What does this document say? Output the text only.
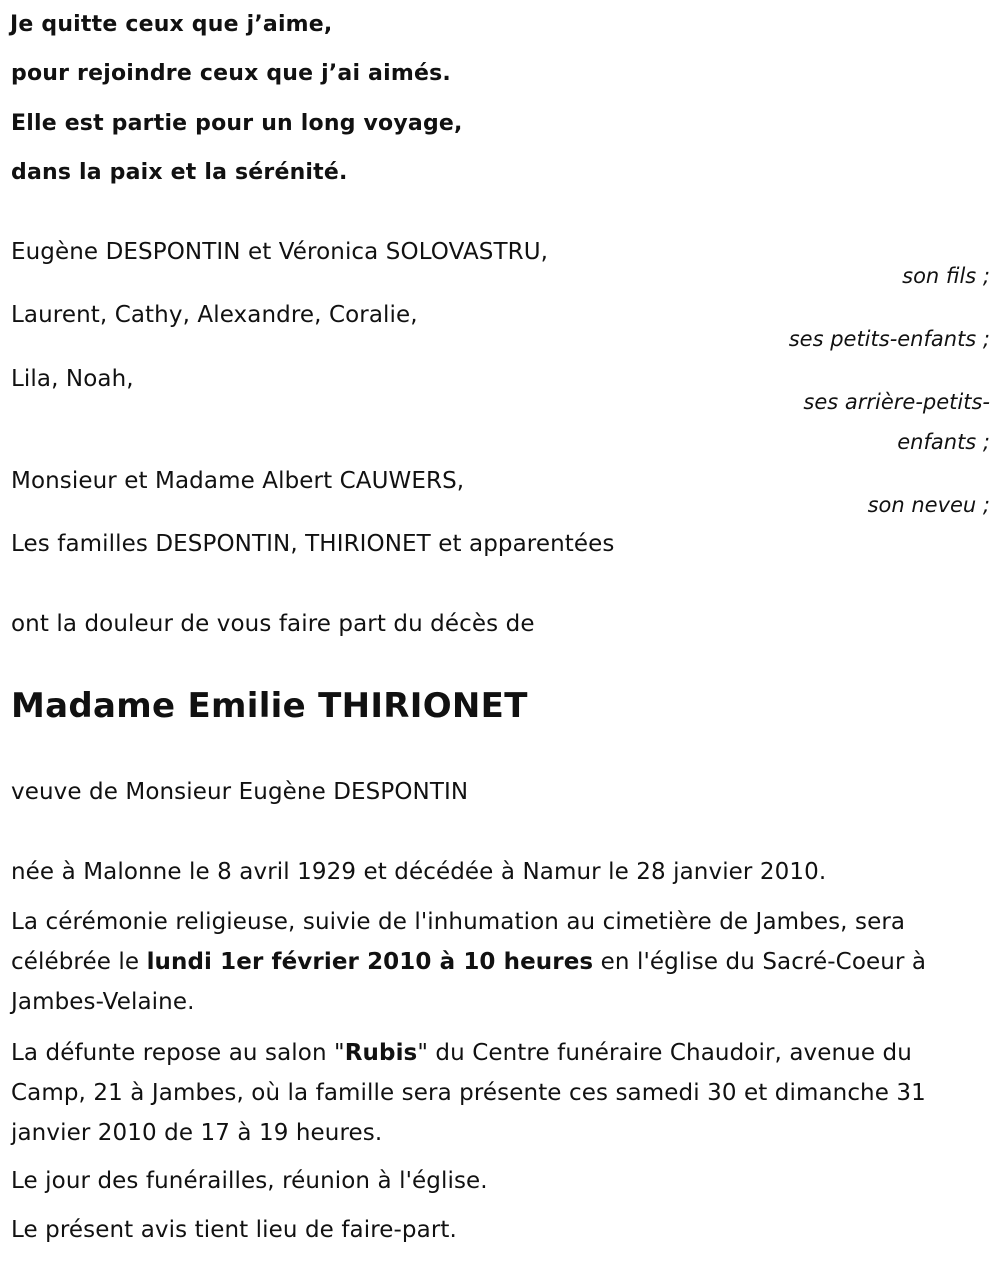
Je quitte ceux que j’aime,
pour rejoindre ceux que j’ai aimés.
Elle est partie pour un long voyage,
dans la paix et la sérénité.
Eugène DESPONTIN et Véronica SOLOVASTRU,
son fils ;
Laurent, Cathy, Alexandre, Coralie,
ses petits-enfants ;
Lila, Noah,
ses arrière-petits-
enfants ;
Monsieur et Madame Albert CAUWERS,
son neveu ;
Les familles DESPONTIN, THIRIONET et apparentées
ont la douleur de vous faire part du décès de
Madame Emilie THIRIONET
veuve de Monsieur Eugène DESPONTIN
née à Malonne le 8 avril 1929 et décédée à Namur le 28 janvier 2010.
La cérémonie religieuse, suivie de l'inhumation au cimetière de Jambes, sera célébrée le lundi 1er février 2010 à 10 heures en l'église du Sacré-Coeur à Jambes-Velaine.
La défunte repose au salon "Rubis" du Centre funéraire Chaudoir, avenue du Camp, 21 à Jambes, où la famille sera présente ces samedi 30 et dimanche 31 janvier 2010 de 17 à 19 heures.
Le jour des funérailles, réunion à l'église.
Le présent avis tient lieu de faire-part.
